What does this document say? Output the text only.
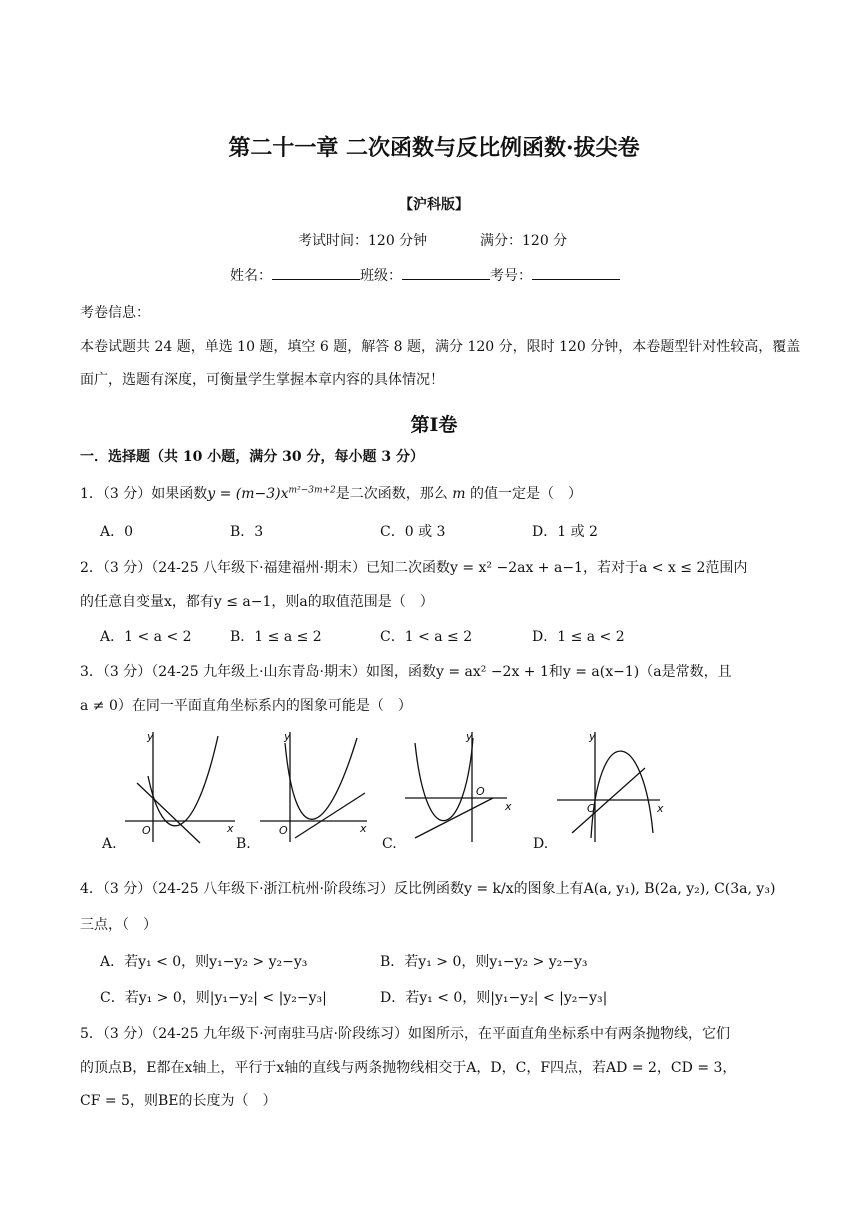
第二十一章 二次函数与反比例函数·拔尖卷
【沪科版】
考试时间：120 分钟	满分：120 分
姓名：	班级：	考号：
考卷信息：
本卷试题共 24 题，单选 10 题，填空 6 题，解答 8 题，满分 120 分，限时 120 分钟，本卷题型针对性较高，覆盖
面广，选题有深度，可衡量学生掌握本章内容的具体情况！
第Ⅰ卷
一．选择题（共 10 小题，满分 30 分，每小题 3 分）
1．（3 分）如果函数$y = (m-3)x^{m^2-3m+2}$是二次函数，那么 m 的值一定是（　）
A．0	B．3	C．0 或 3	D．1 或 2
2．（3 分）（24-25 八年级下·福建福州·期末）已知二次函数y = x² −2ax + a−1，若对于a < x ≤ 2范围内
的任意自变量x，都有y ≤ a−1，则a的取值范围是（　）
A．1 < a < 2	B．1 ≤ a ≤ 2	C．1 < a ≤ 2	D．1 ≤ a < 2
3．（3 分）（24-25 九年级上·山东青岛·期末）如图，函数y = ax² −2x + 1和y = a(x−1)（a是常数，且
a ≠ 0）在同一平面直角坐标系内的图象可能是（　）
y
x
O
y
x
O
y
x
O
y
x
O
A.	B.	C.	D.
4．（3 分）（24-25 八年级下·浙江杭州·阶段练习）反比例函数y = k/x的图象上有A(a, y₁), B(2a, y₂), C(3a, y₃)
三点，（　）
A．若y₁ < 0，则y₁−y₂ > y₂−y₃	B．若y₁ > 0，则y₁−y₂ > y₂−y₃
C．若y₁ > 0，则|y₁−y₂| < |y₂−y₃|	D．若y₁ < 0，则|y₁−y₂| < |y₂−y₃|
5．（3 分）（24-25 九年级下·河南驻马店·阶段练习）如图所示，在平面直角坐标系中有两条抛物线，它们
的顶点B，E都在x轴上，平行于x轴的直线与两条抛物线相交于A，D，C，F四点，若AD = 2，CD = 3，
CF = 5，则BE的长度为（　）
